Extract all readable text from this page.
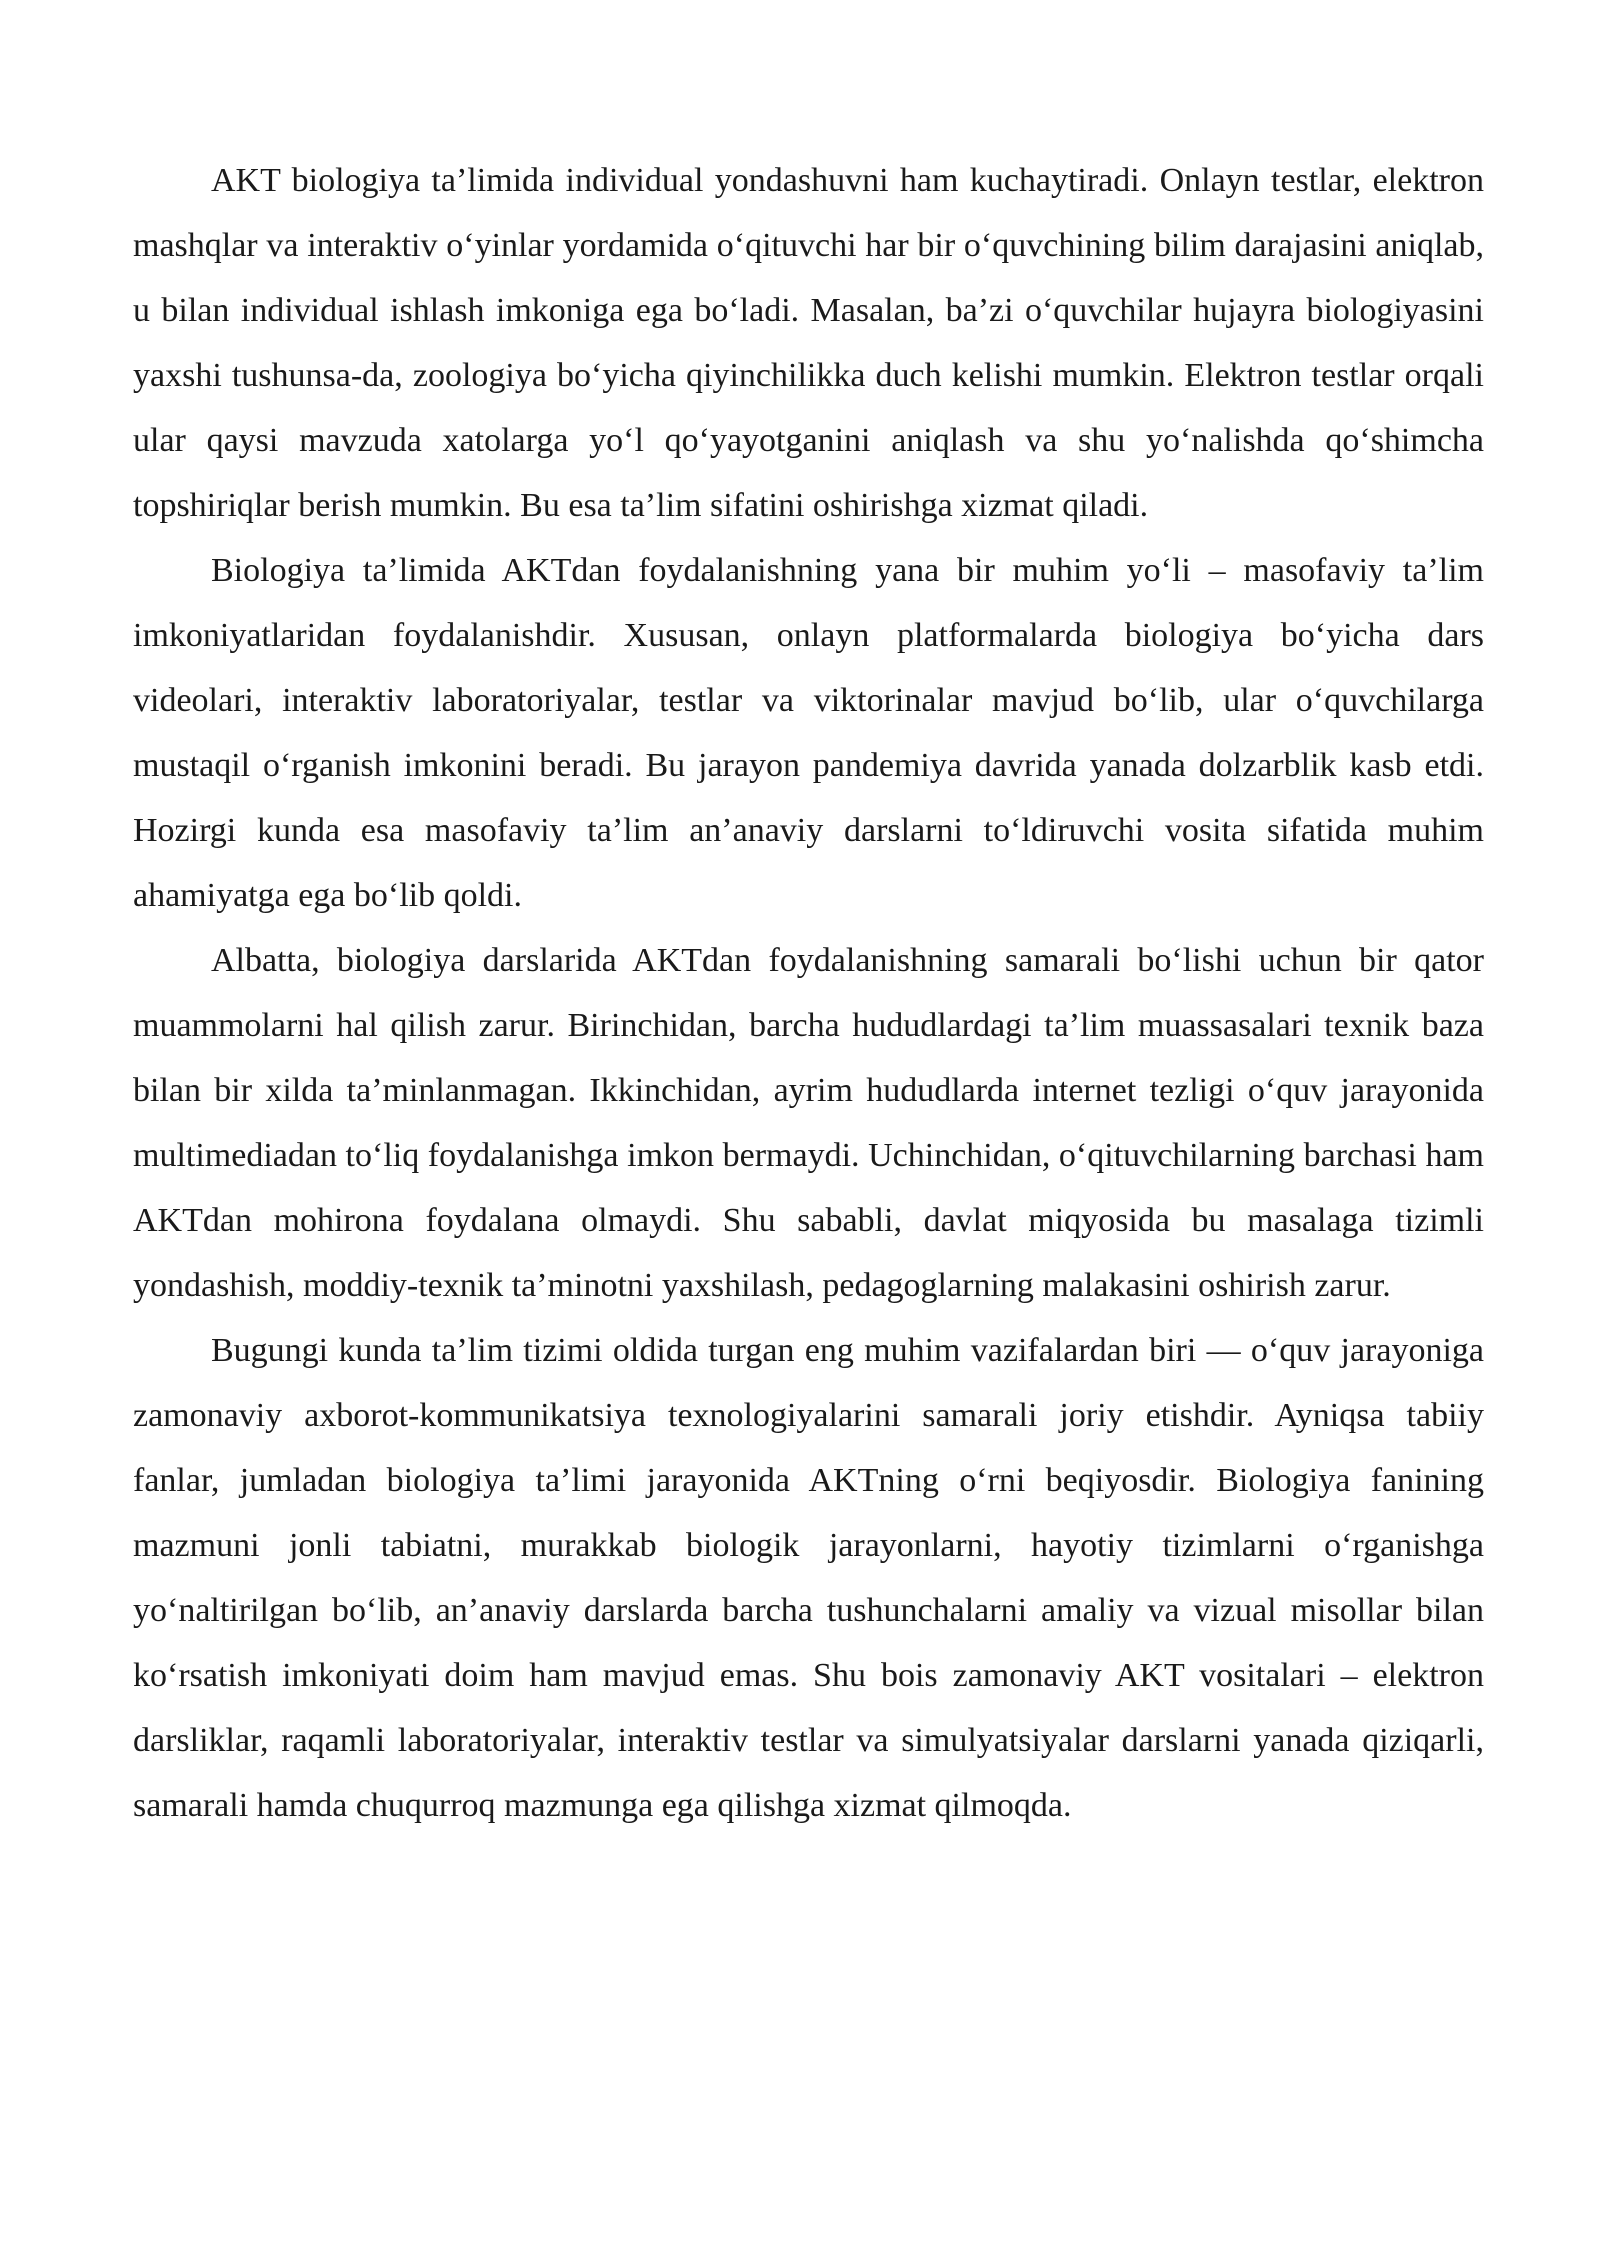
AKT biologiya ta’limida individual yondashuvni ham kuchaytiradi. Onlayn testlar, elektron mashqlar va interaktiv o‘yinlar yordamida o‘qituvchi har bir o‘quvchining bilim darajasini aniqlab, u bilan individual ishlash imkoniga ega bo‘ladi. Masalan, ba’zi o‘quvchilar hujayra biologiyasini yaxshi tushunsa-da, zoologiya bo‘yicha qiyinchilikka duch kelishi mumkin. Elektron testlar orqali ular qaysi mavzuda xatolarga yo‘l qo‘yayotganini aniqlash va shu yo‘nalishda qo‘shimcha topshiriqlar berish mumkin. Bu esa ta’lim sifatini oshirishga xizmat qiladi.

Biologiya ta’limida AKTdan foydalanishning yana bir muhim yo‘li – masofaviy ta’lim imkoniyatlaridan foydalanishdir. Xususan, onlayn platformalarda biologiya bo‘yicha dars videolari, interaktiv laboratoriyalar, testlar va viktorinalar mavjud bo‘lib, ular o‘quvchilarga mustaqil o‘rganish imkonini beradi. Bu jarayon pandemiya davrida yanada dolzarblik kasb etdi. Hozirgi kunda esa masofaviy ta’lim an’anaviy darslarni to‘ldiruvchi vosita sifatida muhim ahamiyatga ega bo‘lib qoldi.

Albatta, biologiya darslarida AKTdan foydalanishning samarali bo‘lishi uchun bir qator muammolarni hal qilish zarur. Birinchidan, barcha hududlardagi ta’lim muassasalari texnik baza bilan bir xilda ta’minlanmagan. Ikkinchidan, ayrim hududlarda internet tezligi o‘quv jarayonida multimediadan to‘liq foydalanishga imkon bermaydi. Uchinchidan, o‘qituvchilarning barchasi ham AKTdan mohirona foydalana olmaydi. Shu sababli, davlat miqyosida bu masalaga tizimli yondashish, moddiy-texnik ta’minotni yaxshilash, pedagoglarning malakasini oshirish zarur.

Bugungi kunda ta’lim tizimi oldida turgan eng muhim vazifalardan biri — o‘quv jarayoniga zamonaviy axborot-kommunikatsiya texnologiyalarini samarali joriy etishdir. Ayniqsa tabiiy fanlar, jumladan biologiya ta’limi jarayonida AKTning o‘rni beqiyosdir. Biologiya fanining mazmuni jonli tabiatni, murakkab biologik jarayonlarni, hayotiy tizimlarni o‘rganishga yo‘naltirilgan bo‘lib, an’anaviy darslarda barcha tushunchalarni amaliy va vizual misollar bilan ko‘rsatish imkoniyati doim ham mavjud emas. Shu bois zamonaviy AKT vositalari – elektron darsliklar, raqamli laboratoriyalar, interaktiv testlar va simulyatsiyalar darslarni yanada qiziqarli, samarali hamda chuqurroq mazmunga ega qilishga xizmat qilmoqda.
